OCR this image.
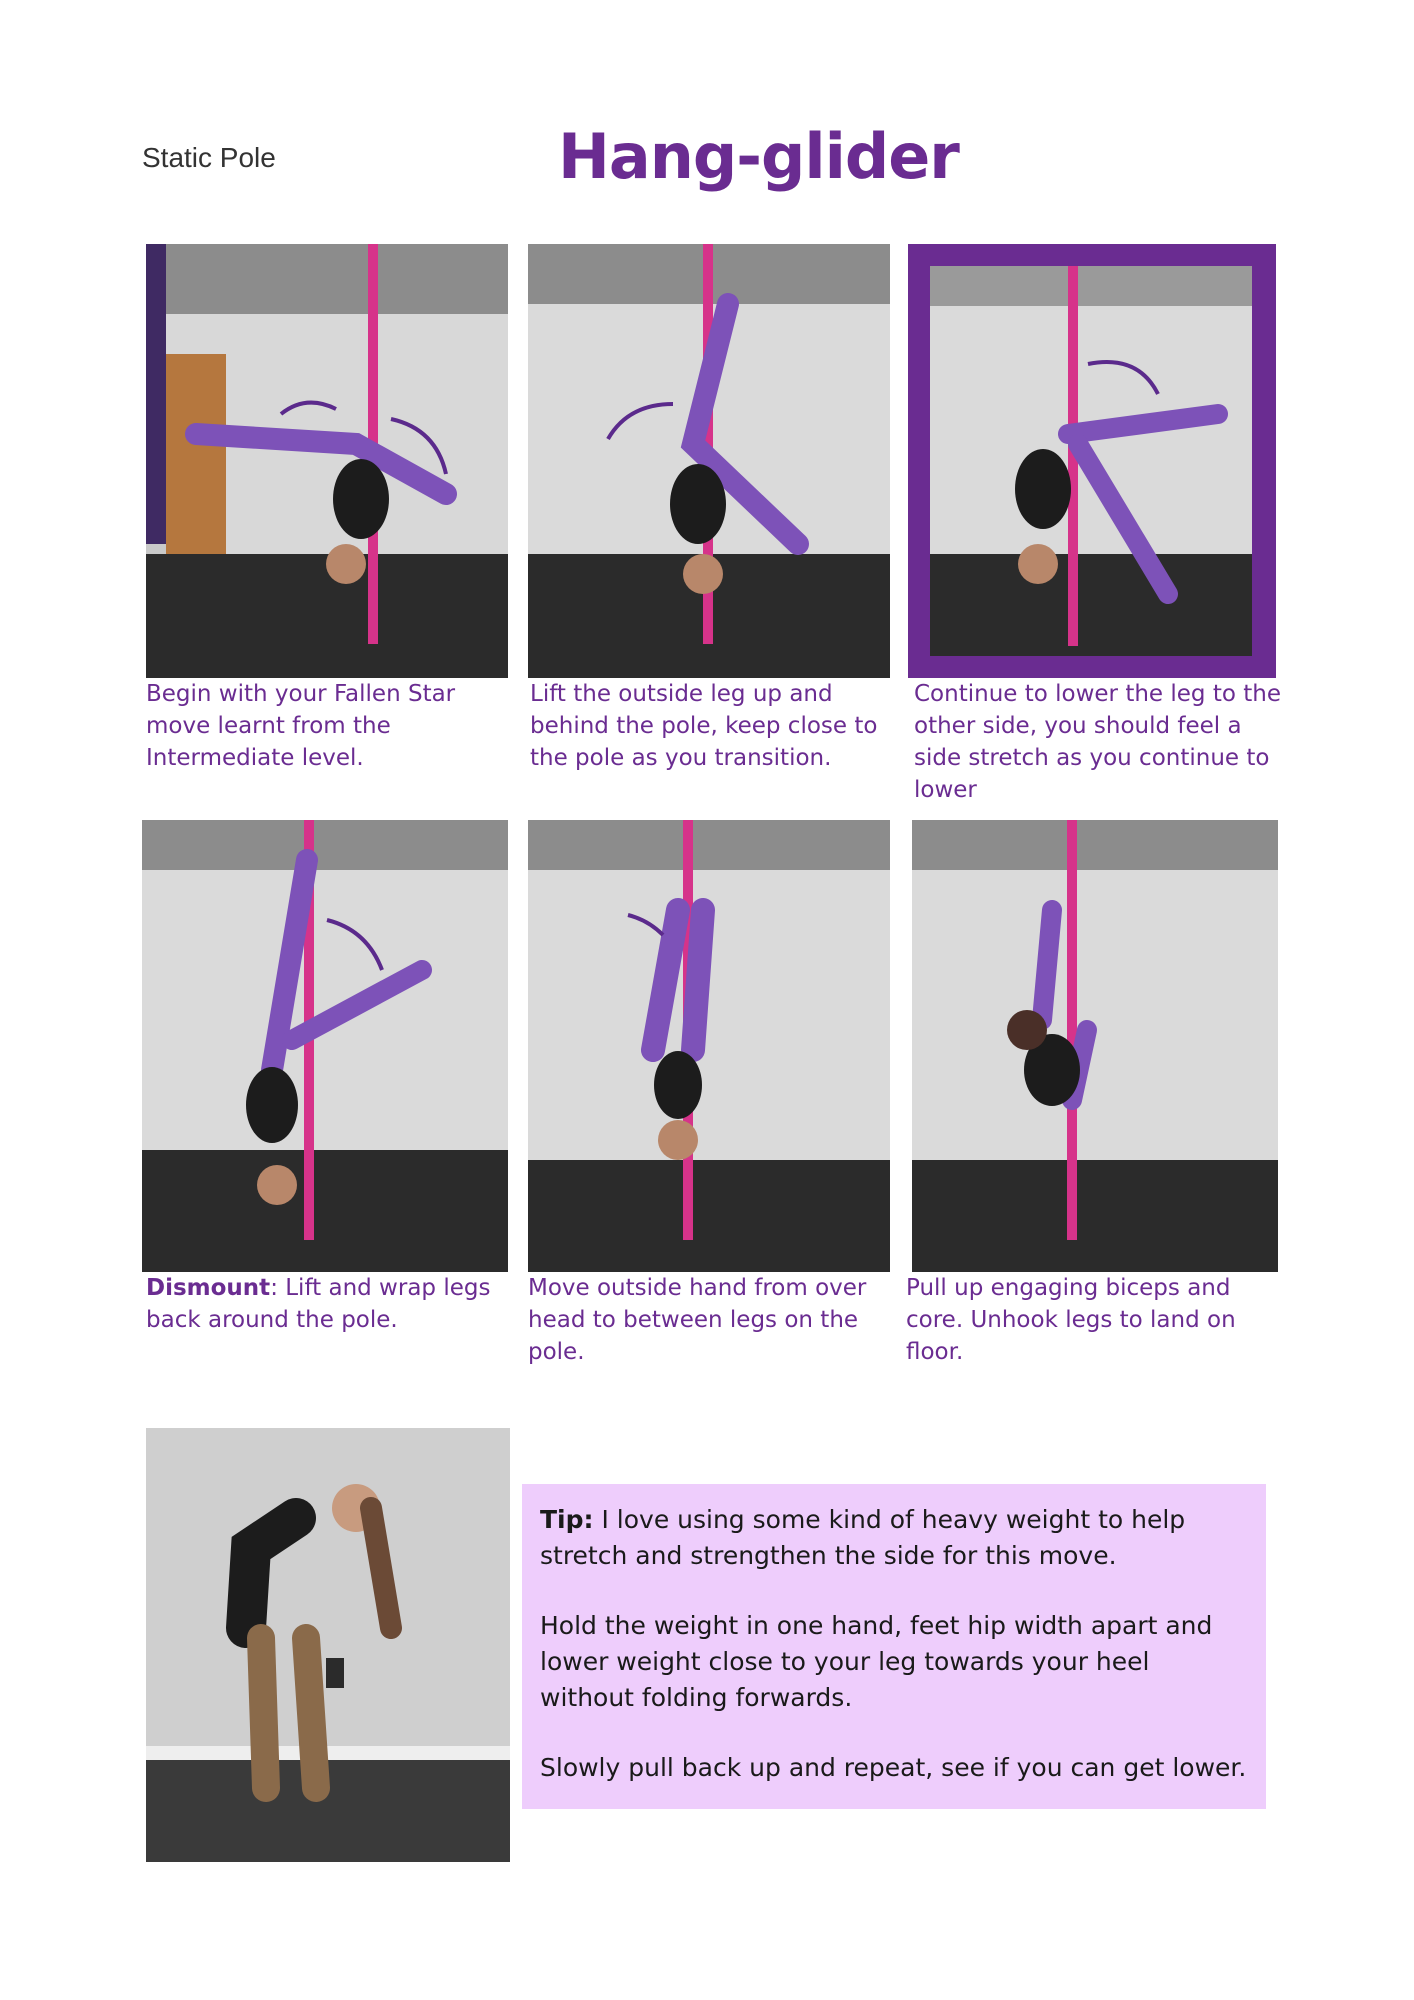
Static Pole	Hang-glider
Begin with your Fallen Star move learnt from the Intermediate level.
Lift the outside leg up and behind the pole, keep close to the pole as you transition.
Continue to lower the leg to the other side, you should feel a side stretch as you continue to lower
Dismount: Lift and wrap legs back around the pole.
Move outside hand from over head to between legs on the pole.
Pull up engaging biceps and core. Unhook legs to land on floor.

Tip: I love using some kind of heavy weight to help stretch and strengthen the side for this move.

Hold the weight in one hand, feet hip width apart and lower weight close to your leg towards your heel without folding forwards.

Slowly pull back up and repeat, see if you can get lower.
